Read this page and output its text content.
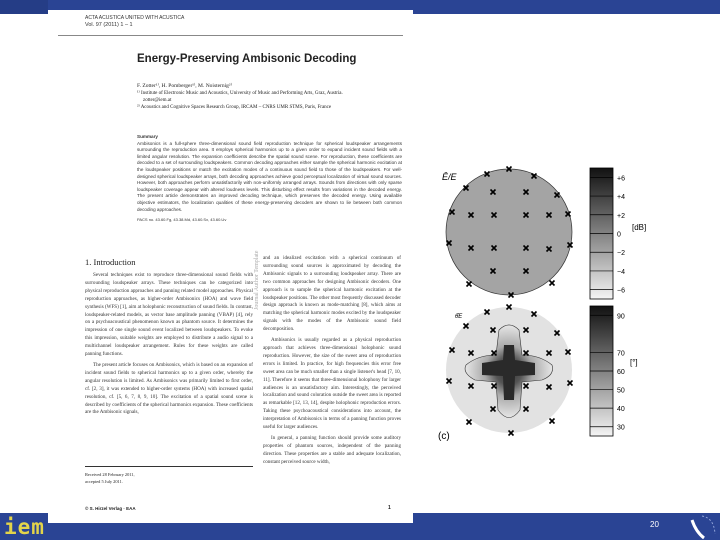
iem	20
ACTA ACUSTICA UNITED WITH ACUSTICA
Vol. 97 (2011) 1 – 1
Energy-Preserving Ambisonic Decoding
F. Zotter¹⁾, H. Pomberger¹⁾, M. Noisternig²⁾
¹⁾ Institute of Electronic Music and Acoustics, University of Music and Performing Arts, Graz, Austria.
zotter@iem.at
²⁾ Acoustics and Cognitive Spaces Research Group, IRCAM – CNRS UMR STMS, Paris, France
Summary
Ambisonics is a full-sphere three-dimensional sound field reproduction technique for spherical loudspeaker arrangements surrounding the reproduction area. It employs spherical harmonics up to a given order to expand incident sound fields with a limited angular resolution. The expansion coefficients describe the spatial sound scene. For reproduction, these coefficients are decoded to a set of surrounding loudspeakers. Common decoding approaches either sample the spherical harmonic excitation at the loudspeaker positions or match the excitation modes of a continuous sound field to those of the loudspeakers. For well-designed spherical loudspeaker arrays, both decoding approaches achieve good perceptual localization of virtual sound sources. However, both approaches perform unsatisfactorily with non-uniformly arranged arrays. Sounds from directions with only sparse loudspeaker coverage appear with altered loudness levels. This disturbing effect results from variations in the decoded energy. The present article demonstrates an improved decoding technique, which preserves the decoded energy. Using available objective estimators, the localization qualities of these energy-preserving decoders are shown to lie between both common decoding approaches.
PACS no. 43.60.Fg, 43.38.Md, 43.60.Sx, 43.60.Uv
Journal Author Template
1. Introduction

Several techniques exist to reproduce three-dimensional sound fields with surrounding loudspeaker arrays. These techniques can be categorized into physical reproduction approaches and panning related model approaches. Physical reproduction approaches, as higher-order Ambisonics (HOA) and wave field synthesis (WFS) [1], aim at holophonic reconstruction of sound fields. In contrast, loudspeaker-related models, as vector base amplitude panning (VBAP) [4], rely on a psychoacoustical phenomenon known as phantom source. It determines the impression of one single sound event localized between loudspeakers. To evoke this impression, suitable weights are employed to distribute a audio signal to a multichannel loudspeaker arrangement. Rules for these weights are called panning functions.

The present article focuses on Ambisonics, which is based on an expansion of incident sound fields to spherical harmonics up to a given order, whereby the angular resolution is limited. As Ambisonics was primarily limited to first order, cf. [2, 3], it was extended to higher-order systems (HOA) with increased spatial resolution, cf. [5, 6, 7, 8, 9, 10]. The excitation of a spatial sound scene is described by coefficients of the spherical harmonics expansion. These coefficients are the Ambisonic signals,

and an idealized excitation with a spherical continuum of surrounding sound sources is approximated by decoding the Ambisonic signals to a surrounding loudspeaker array. There are two common approaches for designing Ambisonic decoders. One approach is to sample the spherical harmonic excitation at the loudspeaker positions. The other most frequently discussed decoder design approach is known as mode-matching [8], which aims at matching the spherical harmonic modes excited by the loudspeaker signals with the modes of the Ambisonic sound field decomposition.

Ambisonics is usually regarded as a physical reproduction approach that achieves three-dimensional holophonic sound reproduction. However, the size of the sweet area of reproduction errors is limited. In practice, for high frequencies this error free sweet area can be much smaller than a single listener's head [7, 10, 11]. Therefore it seems that three-dimensional holophony for larger audiences is an unsatisfactory aim. Interestingly, the perceived localization and sound coloration outside the sweet area is reported as remarkable [12, 13, 14], despite holophonic reproduction errors. Taking these psychoacoustical considerations into account, the interpretation of Ambisonics in terms of a panning function proves useful for larger audiences.

In general, a panning function should provide some auditory properties of phantom sources, independent of the panning direction. These properties are a stable and adequate localization, constant perceived source width,

Received 28 February 2011,
accepted 5 July 2011.
© S. Hirzel Verlag · EAA	1
Ê/E
θ̂E
(c)
+6
+4
+2
0
−2
−4
−6
90
70
60
50
40
30
[dB]
[°]
